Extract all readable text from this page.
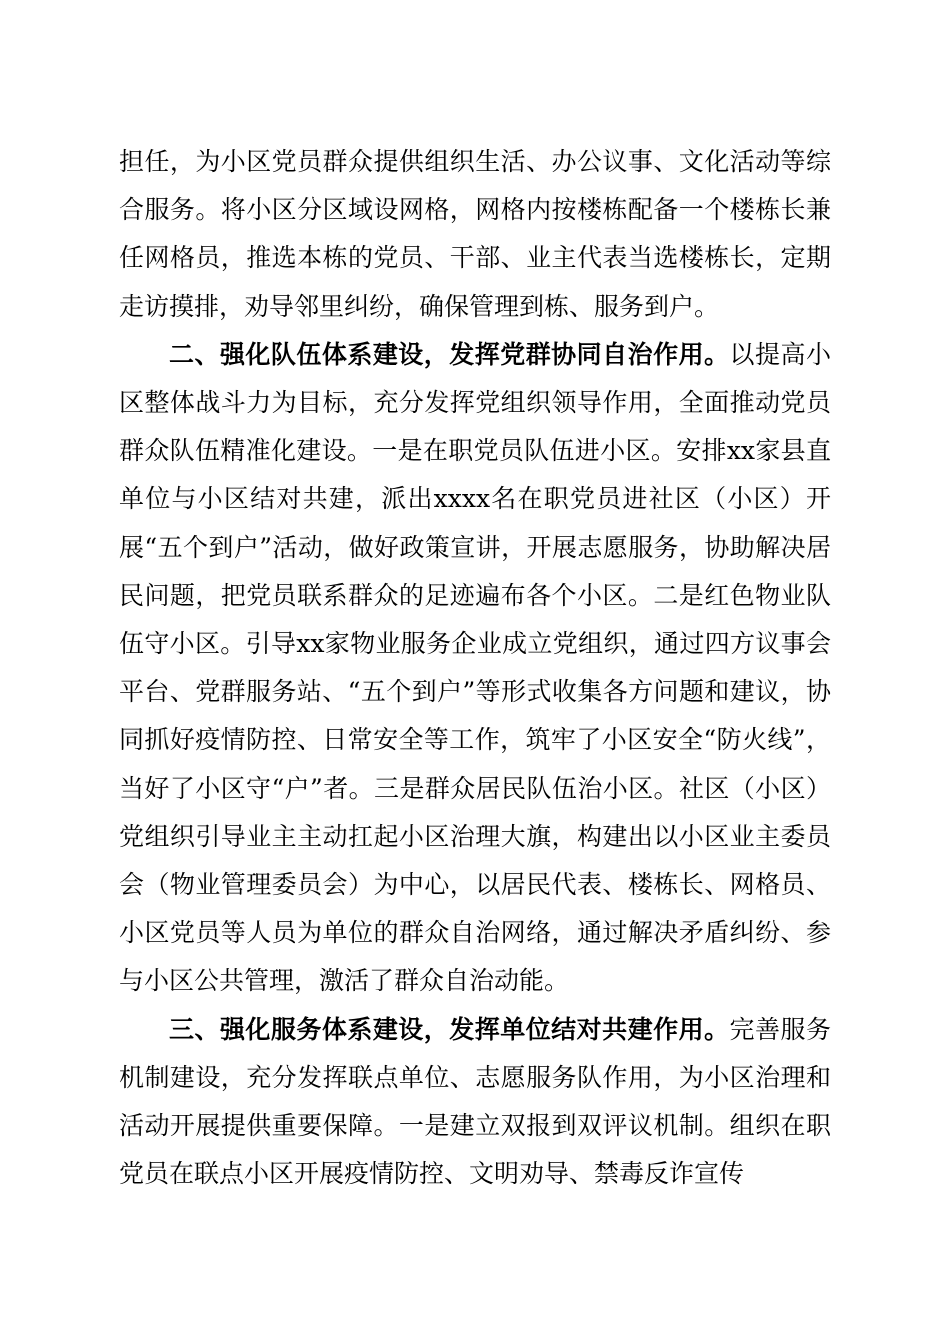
担任，为小区党员群众提供组织生活、办公议事、文化活动等综合服务。将小区分区域设网格，网格内按楼栋配备一个楼栋长兼任网格员，推选本栋的党员、干部、业主代表当选楼栋长，定期走访摸排，劝导邻里纠纷，确保管理到栋、服务到户。

二、强化队伍体系建设，发挥党群协同自治作用。以提高小区整体战斗力为目标，充分发挥党组织领导作用，全面推动党员群众队伍精准化建设。一是在职党员队伍进小区。安排xx家县直单位与小区结对共建，派出xxxx名在职党员进社区（小区）开展“五个到户”活动，做好政策宣讲，开展志愿服务，协助解决居民问题，把党员联系群众的足迹遍布各个小区。二是红色物业队伍守小区。引导xx家物业服务企业成立党组织，通过四方议事会平台、党群服务站、“五个到户”等形式收集各方问题和建议，协同抓好疫情防控、日常安全等工作，筑牢了小区安全“防火线”，当好了小区守“户”者。三是群众居民队伍治小区。社区（小区）党组织引导业主主动扛起小区治理大旗，构建出以小区业主委员会（物业管理委员会）为中心，以居民代表、楼栋长、网格员、小区党员等人员为单位的群众自治网络，通过解决矛盾纠纷、参与小区公共管理，激活了群众自治动能。

三、强化服务体系建设，发挥单位结对共建作用。完善服务机制建设，充分发挥联点单位、志愿服务队作用，为小区治理和活动开展提供重要保障。一是建立双报到双评议机制。组织在职党员在联点小区开展疫情防控、文明劝导、禁毒反诈宣传
